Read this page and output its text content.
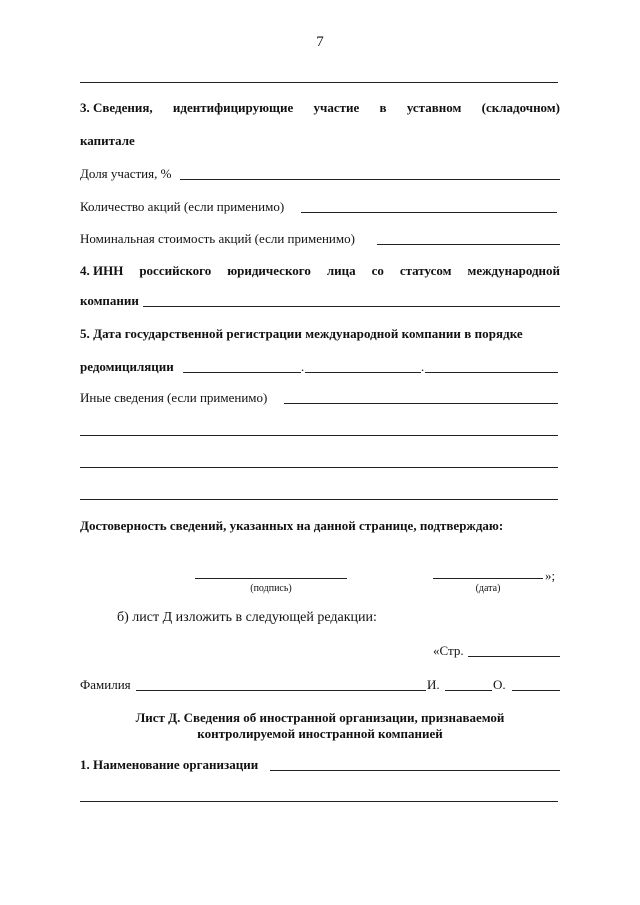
7
3. Сведения, идентифицирующие участие в уставном (складочном)
капитале
Доля участия, %
Количество акций (если применимо)
Номинальная стоимость акций (если применимо)
4. ИНН российского юридического лица со статусом международной
компании
5. Дата государственной регистрации международной компании в порядке
редомициляции	.	.
Иные сведения (если применимо)
Достоверность сведений, указанных на данной странице, подтверждаю:
(подпись)	(дата)
»;
б) лист Д изложить в следующей редакции:
«Стр.
Фамилия	И.	О.
Лист Д. Сведения об иностранной организации, признаваемой
контролируемой иностранной компанией
1. Наименование организации
